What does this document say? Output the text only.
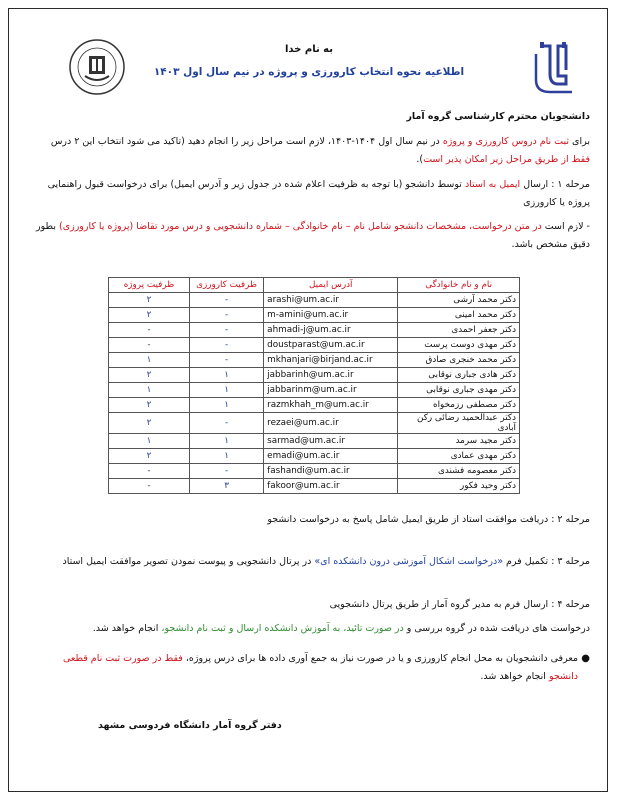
به نام خدا
اطلاعیه نحوه انتخاب کارورزی و پروژه در نیم سال اول ۱۴۰۳
دانشجویان محترم کارشناسی گروه آمار
برای ثبت نام دروس کارورزی و پروژه در نیم سال اول ۱۴۰۴-۱۴۰۳، لازم است مراحل زیر را انجام دهید (تاکید می شود انتخاب این ۲ درس فقط از طریق مراحل زیر امکان پذیر است).
مرحله ۱ : ارسال ایمیل به استاد توسط دانشجو (با توجه به ظرفیت اعلام شده در جدول زیر و آدرس ایمیل) برای درخواست قبول راهنمایی پروژه یا کارورزی
- لازم است در متن درخواست، مشخصات دانشجو شامل نام – نام خانوادگی – شماره دانشجویی و درس مورد تقاضا (پروژه یا کارورزی) بطور دقیق مشخص باشد.
نام و نام خانوادگی	آدرس ایمیل	ظرفیت کارورزی	ظرفیت پروژه
دکتر محمد آرشی	arashi@um.ac.ir	-	۲
دکتر محمد امینی	m-amini@um.ac.ir	-	۲
دکتر جعفر احمدی	ahmadi-j@um.ac.ir	-	-
دکتر مهدی دوست پرست	doustparast@um.ac.ir	-	-
دکتر محمد خنجری صادق	mkhanjari@birjand.ac.ir	-	۱
دکتر هادی جباری نوقابی	jabbarinh@um.ac.ir	۱	۲
دکتر مهدی جباری نوقابی	jabbarinm@um.ac.ir	۱	۱
دکتر مصطفی رزمخواه	razmkhah_m@um.ac.ir	۱	۲
دکتر عبدالحمید رضائی رکن آبادی	rezaei@um.ac.ir	-	۲
دکتر مجید سرمد	sarmad@um.ac.ir	۱	۱
دکتر مهدی عمادی	emadi@um.ac.ir	۱	۲
دکتر معصومه فشندی	fashandi@um.ac.ir	-	-
دکتر وحید فکور	fakoor@um.ac.ir	۳	-
مرحله ۲ : دریافت موافقت استاد از طریق ایمیل شامل پاسخ به درخواست دانشجو
مرحله ۳ : تکمیل فرم «درخواست اشکال آموزشی درون دانشکده ای» در پرتال دانشجویی و پیوست نمودن تصویر موافقت ایمیل استاد
مرحله ۴ : ارسال فرم به مدیر گروه آمار از طریق پرتال دانشجویی
درخواست های دریافت شده در گروه بررسی و در صورت تائید، به آموزش دانشکده ارسال و ثبت نام دانشجو، انجام خواهد شد.
●
معرفی دانشجویان به محل انجام کارورزی و یا در صورت نیاز به جمع آوری داده ها برای درس پروژه، فقط در صورت ثبت نام قطعی دانشجو انجام خواهد شد.
دفتر گروه آمار دانشگاه فردوسی مشهد
